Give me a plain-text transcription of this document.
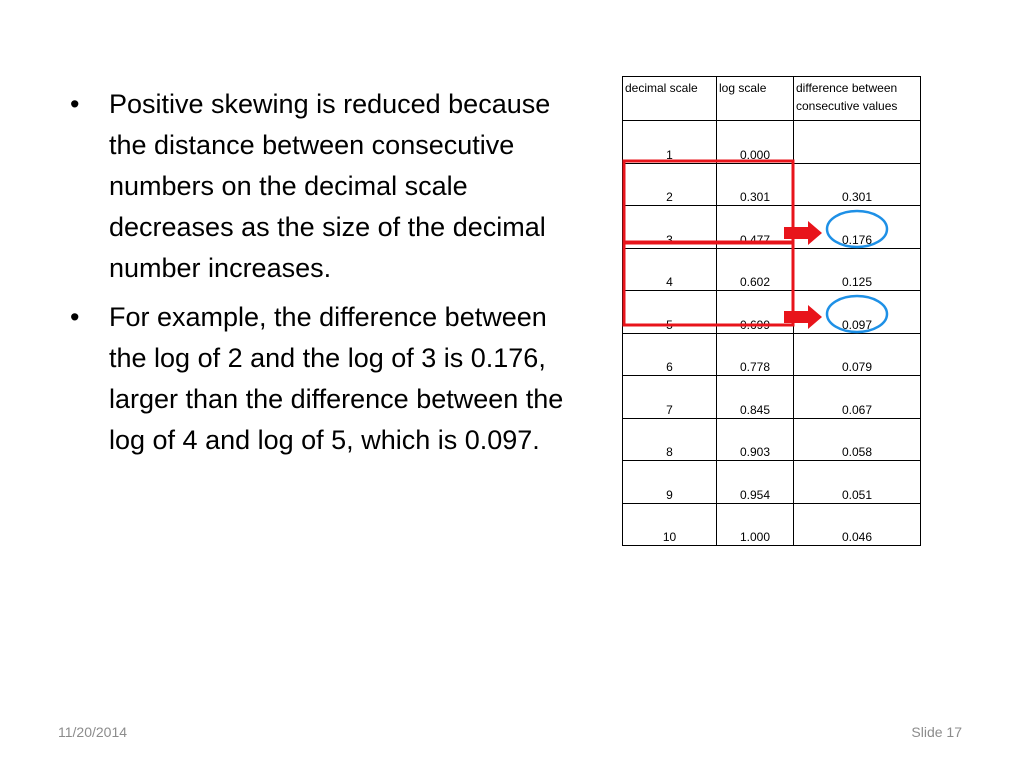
• Positive skewing is reduced because the distance between consecutive numbers on the decimal scale decreases as the size of the decimal number increases.
• For example, the difference between the log of 2 and the log of 3 is 0.176, larger than the difference between the log of 4 and log of 5, which is 0.097.
decimal scale	log scale	difference between consecutive values
1	0.000	
2	0.301	0.301
3	0.477	0.176
4	0.602	0.125
5	0.699	0.097
6	0.778	0.079
7	0.845	0.067
8	0.903	0.058
9	0.954	0.051
10	1.000	0.046
11/20/2014	Slide 17
